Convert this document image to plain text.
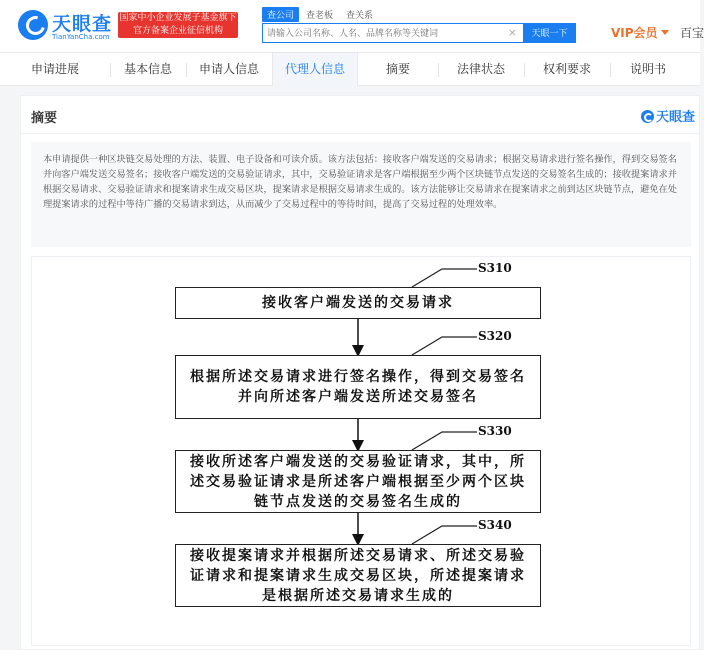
天眼查
TianYanCha.com
国家中小企业发展子基金旗下
官方备案企业征信机构
查公司	查老板 查关系
请输入公司名称、人名、品牌名称等关键词
×	天眼一下	VIP会员	百宝
申请进展	基本信息	申请人信息	代理人信息	摘要	法律状态	权利要求	说明书
摘要	天眼查
本申请提供一种区块链交易处理的方法、装置、电子设备和可读介质。该方法包括：接收客户端发送的交易请求；根据交易请求进行签名操作，得到交易签名并向客户端发送交易签名；接收客户端发送的交易验证请求，其中，交易验证请求是客户端根据至少两个区块链节点发送的交易签名生成的；接收提案请求并根据交易请求、交易验证请求和提案请求生成交易区块，提案请求是根据交易请求生成的。该方法能够让交易请求在提案请求之前到达区块链节点，避免在处理提案请求的过程中等待广播的交易请求到达，从而减少了交易过程中的等待时间，提高了交易过程的处理效率。
S310
接收客户端发送的交易请求
S320
根据所述交易请求进行签名操作，得到交易签名并向所述客户端发送所述交易签名
S330
接收所述客户端发送的交易验证请求，其中，所述交易验证请求是所述客户端根据至少两个区块链节点发送的交易签名生成的
S340
接收提案请求并根据所述交易请求、所述交易验证请求和提案请求生成交易区块，所述提案请求是根据所述交易请求生成的
